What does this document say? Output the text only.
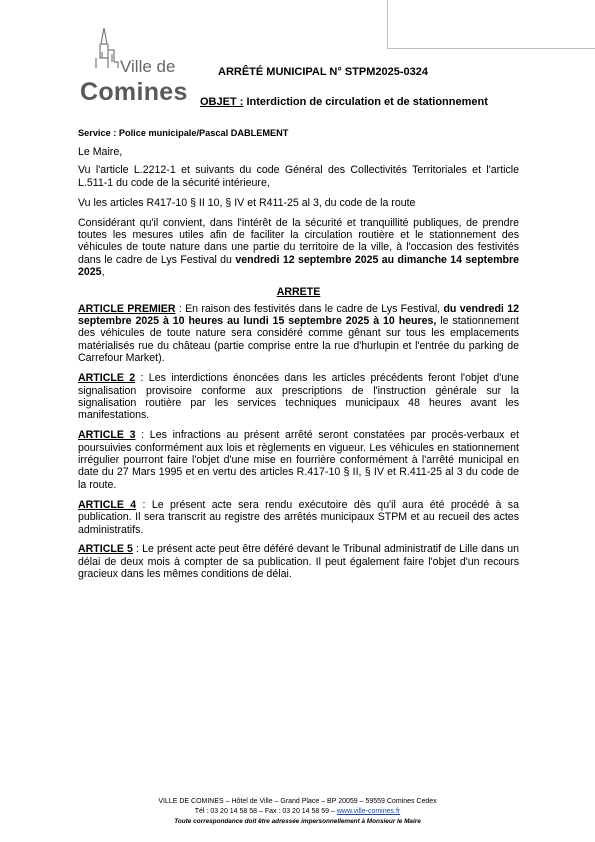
Ville de
Comines
ARRÊTÉ MUNICIPAL N° STPM2025-0324
OBJET : Interdiction de circulation et de stationnement
Service : Police municipale/Pascal DABLEMENT

Le Maire,

Vu l'article L.2212-1 et suivants du code Général des Collectivités Territoriales et l'article L.511-1 du code de la sécurité intérieure,

Vu les articles R417-10 § II 10, § IV et R411-25 al 3, du code de la route

Considérant qu'il convient, dans l'intérêt de la sécurité et tranquillité publiques, de prendre toutes les mesures utiles afin de faciliter la circulation routière et le stationnement des véhicules de toute nature dans une partie du territoire de la ville, à l'occasion des festivités dans le cadre de Lys Festival du vendredi 12 septembre 2025 au dimanche 14 septembre 2025,

ARRETE

ARTICLE PREMIER : En raison des festivités dans le cadre de Lys Festival, du vendredi 12 septembre 2025 à 10 heures au lundi 15 septembre 2025 à 10 heures, le stationnement des véhicules de toute nature sera considéré comme gênant sur tous les emplacements matérialisés rue du château (partie comprise entre la rue d'hurlupin et l'entrée du parking de Carrefour Market).

ARTICLE 2 : Les interdictions énoncées dans les articles précédents feront l'objet d'une signalisation provisoire conforme aux prescriptions de l'instruction générale sur la signalisation routière par les services techniques municipaux 48 heures avant les manifestations.

ARTICLE 3 : Les infractions au présent arrêté seront constatées par procès-verbaux et poursuivies conformément aux lois et règlements en vigueur. Les véhicules en stationnement irrégulier pourront faire l'objet d'une mise en fourrière conformément à l'arrêté municipal en date du 27 Mars 1995 et en vertu des articles R.417-10 § II, § IV et R.411-25 al 3 du code de la route.

ARTICLE 4 : Le présent acte sera rendu exécutoire dès qu'il aura été procédé à sa publication. Il sera transcrit au registre des arrêtés municipaux STPM et au recueil des actes administratifs.

ARTICLE 5 : Le présent acte peut être déféré devant le Tribunal administratif de Lille dans un délai de deux mois à compter de sa publication. Il peut également faire l'objet d'un recours gracieux dans les mêmes conditions de délai.

VILLE DE COMINES – Hôtel de Ville – Grand Place – BP 20059 – 59559 Comines Cedex
Tél : 03 20 14 58 58 – Fax : 03 20 14 58 59 – www.ville-comines.fr
Toute correspondance doit être adressée impersonnellement à Monsieur le Maire
